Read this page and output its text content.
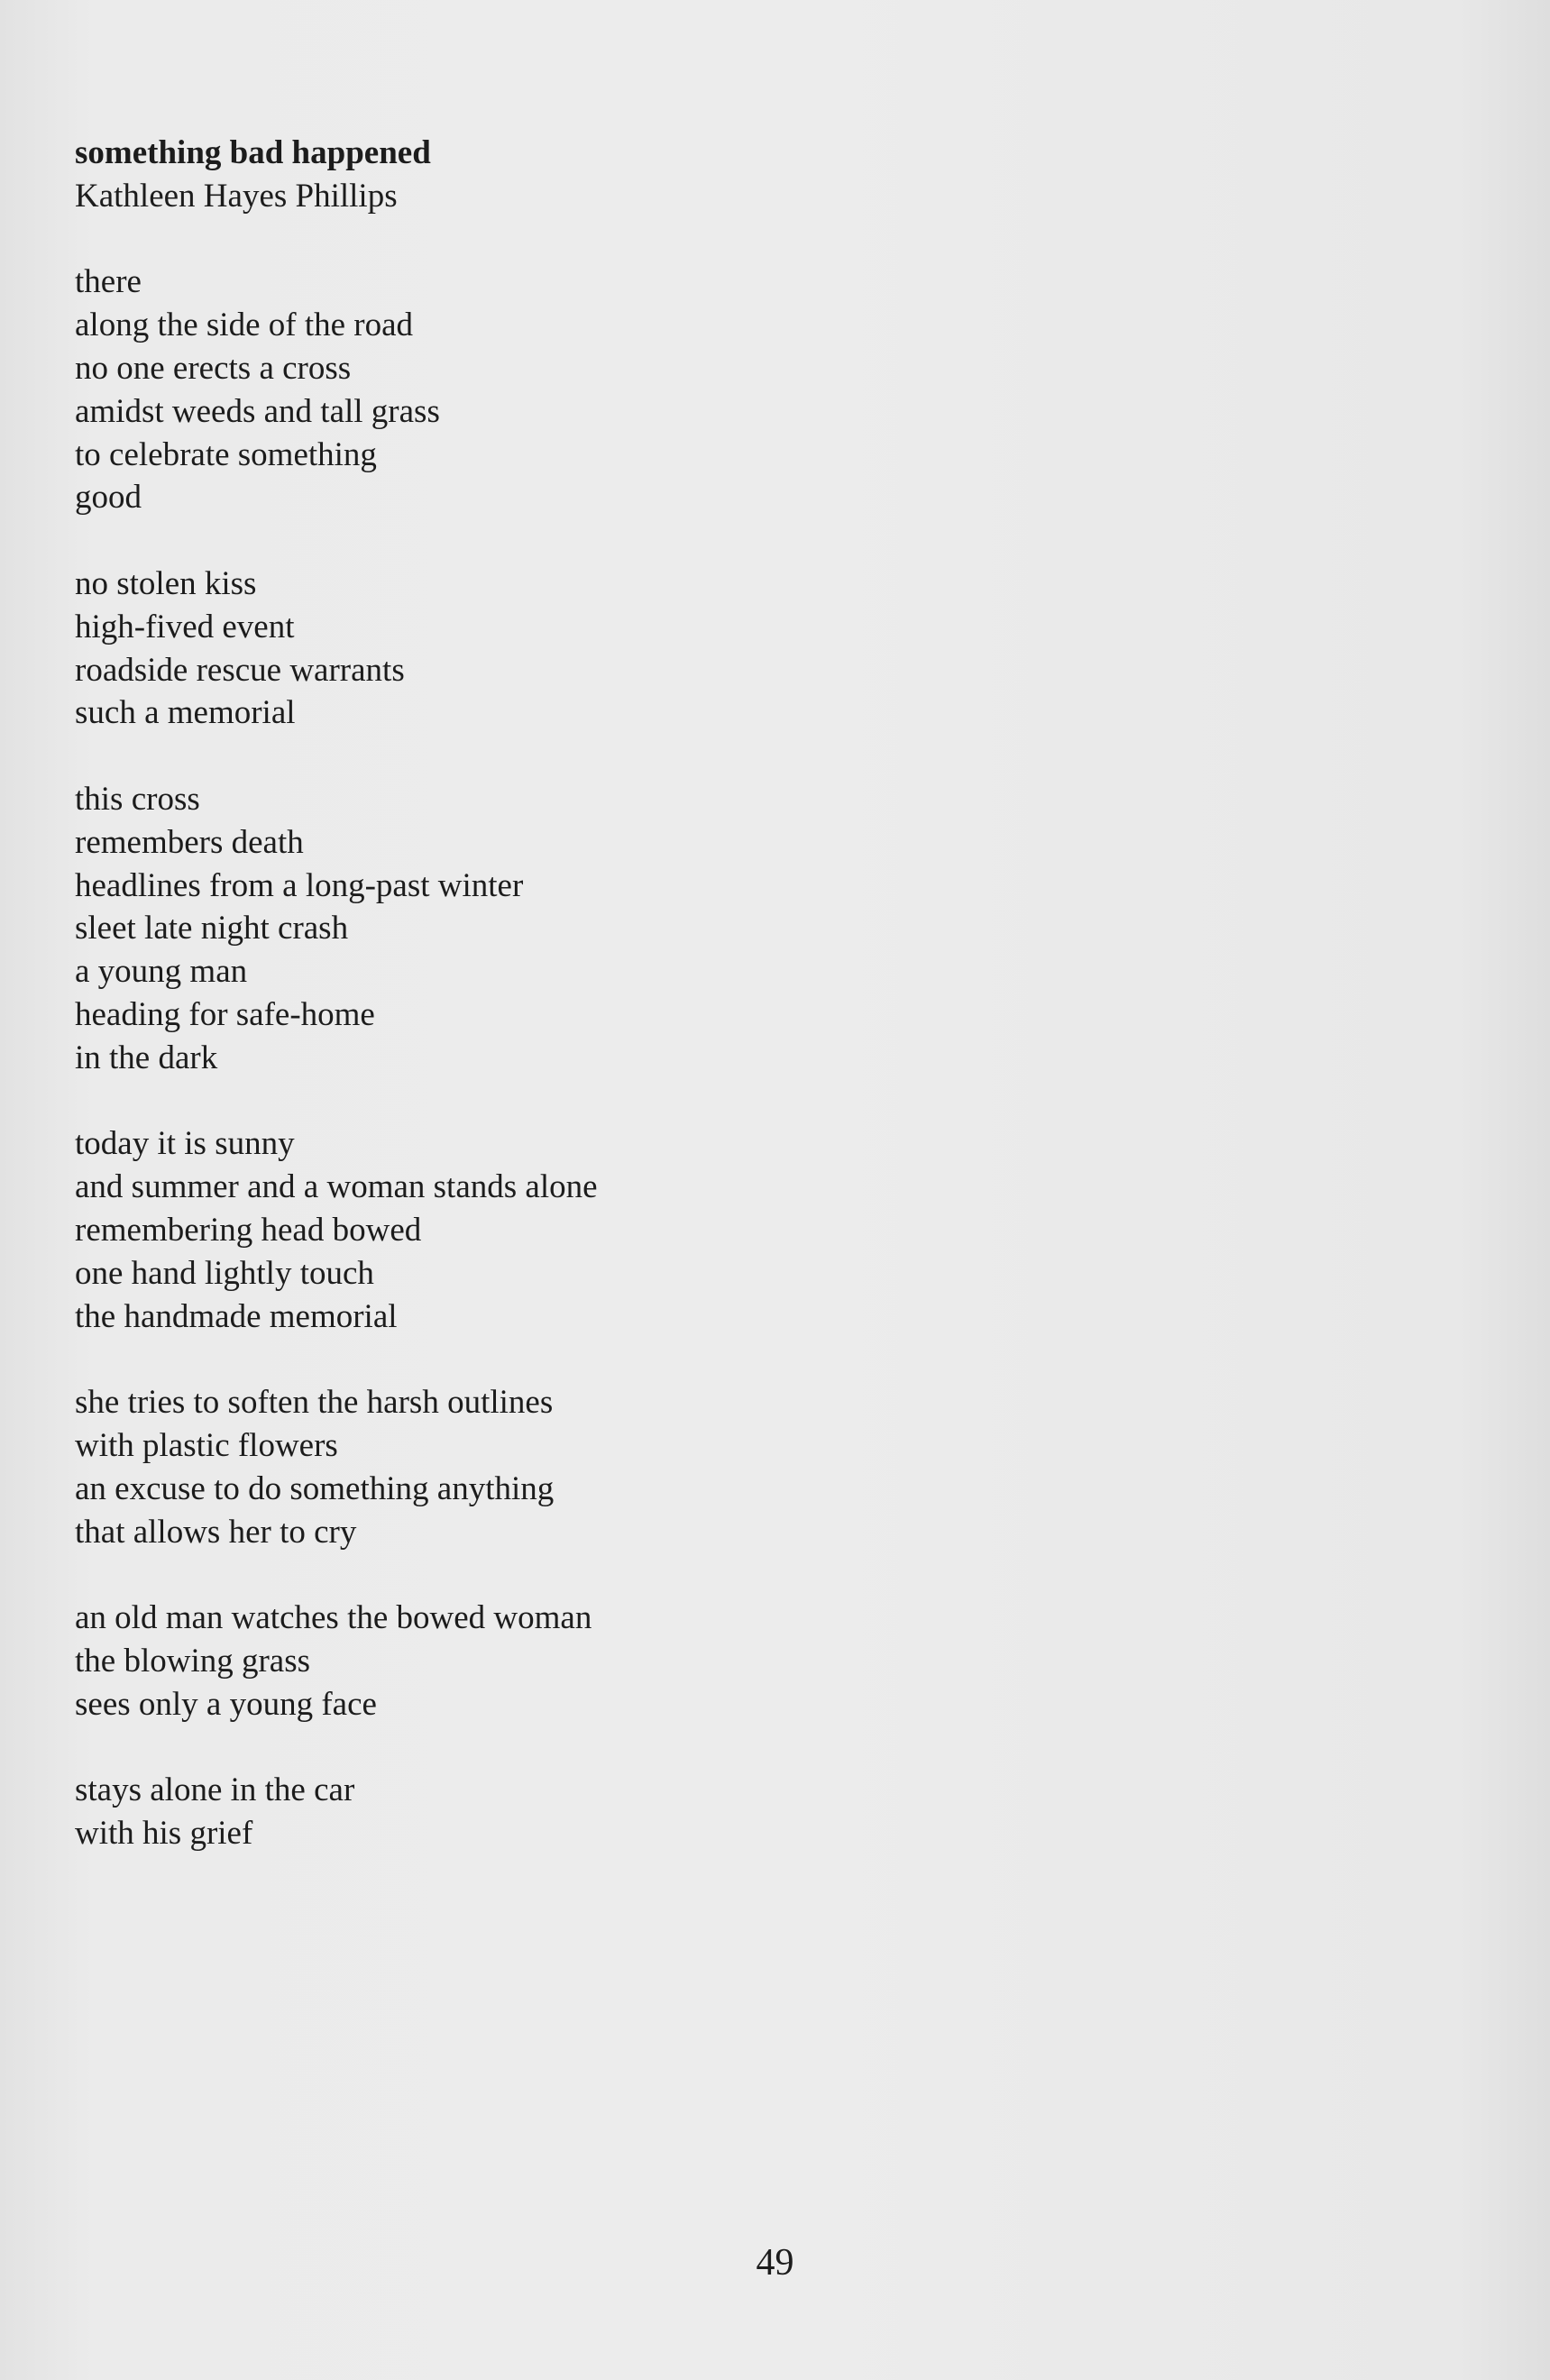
something bad happened
Kathleen Hayes Phillips
there
along the side of the road
no one erects a cross
amidst weeds and tall grass
to celebrate something
good
no stolen kiss
high-fived event
roadside rescue warrants
such a memorial
this cross
remembers death
headlines from a long-past winter
sleet late night crash
a young man
heading for safe-home
in the dark
today it is sunny
and summer and a woman stands alone
remembering head bowed
one hand lightly touch
the handmade memorial
she tries to soften the harsh outlines
with plastic flowers
an excuse to do something anything
that allows her to cry
an old man watches the bowed woman
the blowing grass
sees only a young face
stays alone in the car
with his grief
49
